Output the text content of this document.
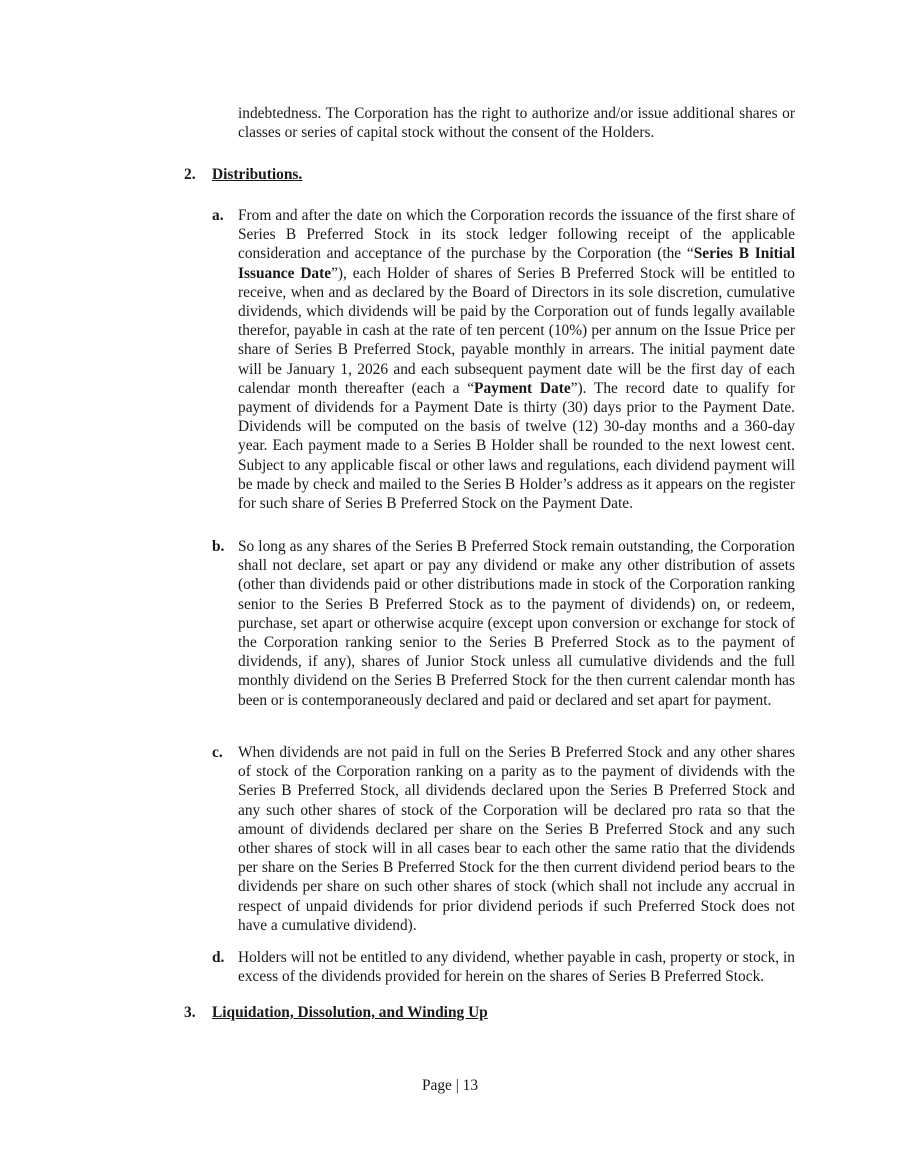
indebtedness. The Corporation has the right to authorize and/or issue additional shares or classes or series of capital stock without the consent of the Holders.

2. Distributions.
a. From and after the date on which the Corporation records the issuance of the first share of Series B Preferred Stock in its stock ledger following receipt of the applicable consideration and acceptance of the purchase by the Corporation (the “Series B Initial Issuance Date”), each Holder of shares of Series B Preferred Stock will be entitled to receive, when and as declared by the Board of Directors in its sole discretion, cumulative dividends, which dividends will be paid by the Corporation out of funds legally available therefor, payable in cash at the rate of ten percent (10%) per annum on the Issue Price per share of Series B Preferred Stock, payable monthly in arrears. The initial payment date will be January 1, 2026 and each subsequent payment date will be the first day of each calendar month thereafter (each a “Payment Date”). The record date to qualify for payment of dividends for a Payment Date is thirty (30) days prior to the Payment Date. Dividends will be computed on the basis of twelve (12) 30-day months and a 360-day year. Each payment made to a Series B Holder shall be rounded to the next lowest cent. Subject to any applicable fiscal or other laws and regulations, each dividend payment will be made by check and mailed to the Series B Holder’s address as it appears on the register for such share of Series B Preferred Stock on the Payment Date.

b. So long as any shares of the Series B Preferred Stock remain outstanding, the Corporation shall not declare, set apart or pay any dividend or make any other distribution of assets (other than dividends paid or other distributions made in stock of the Corporation ranking senior to the Series B Preferred Stock as to the payment of dividends) on, or redeem, purchase, set apart or otherwise acquire (except upon conversion or exchange for stock of the Corporation ranking senior to the Series B Preferred Stock as to the payment of dividends, if any), shares of Junior Stock unless all cumulative dividends and the full monthly dividend on the Series B Preferred Stock for the then current calendar month has been or is contemporaneously declared and paid or declared and set apart for payment.

c. When dividends are not paid in full on the Series B Preferred Stock and any other shares of stock of the Corporation ranking on a parity as to the payment of dividends with the Series B Preferred Stock, all dividends declared upon the Series B Preferred Stock and any such other shares of stock of the Corporation will be declared pro rata so that the amount of dividends declared per share on the Series B Preferred Stock and any such other shares of stock will in all cases bear to each other the same ratio that the dividends per share on the Series B Preferred Stock for the then current dividend period bears to the dividends per share on such other shares of stock (which shall not include any accrual in respect of unpaid dividends for prior dividend periods if such Preferred Stock does not have a cumulative dividend).

d. Holders will not be entitled to any dividend, whether payable in cash, property or stock, in excess of the dividends provided for herein on the shares of Series B Preferred Stock.

3. Liquidation, Dissolution, and Winding Up
Page | 13
